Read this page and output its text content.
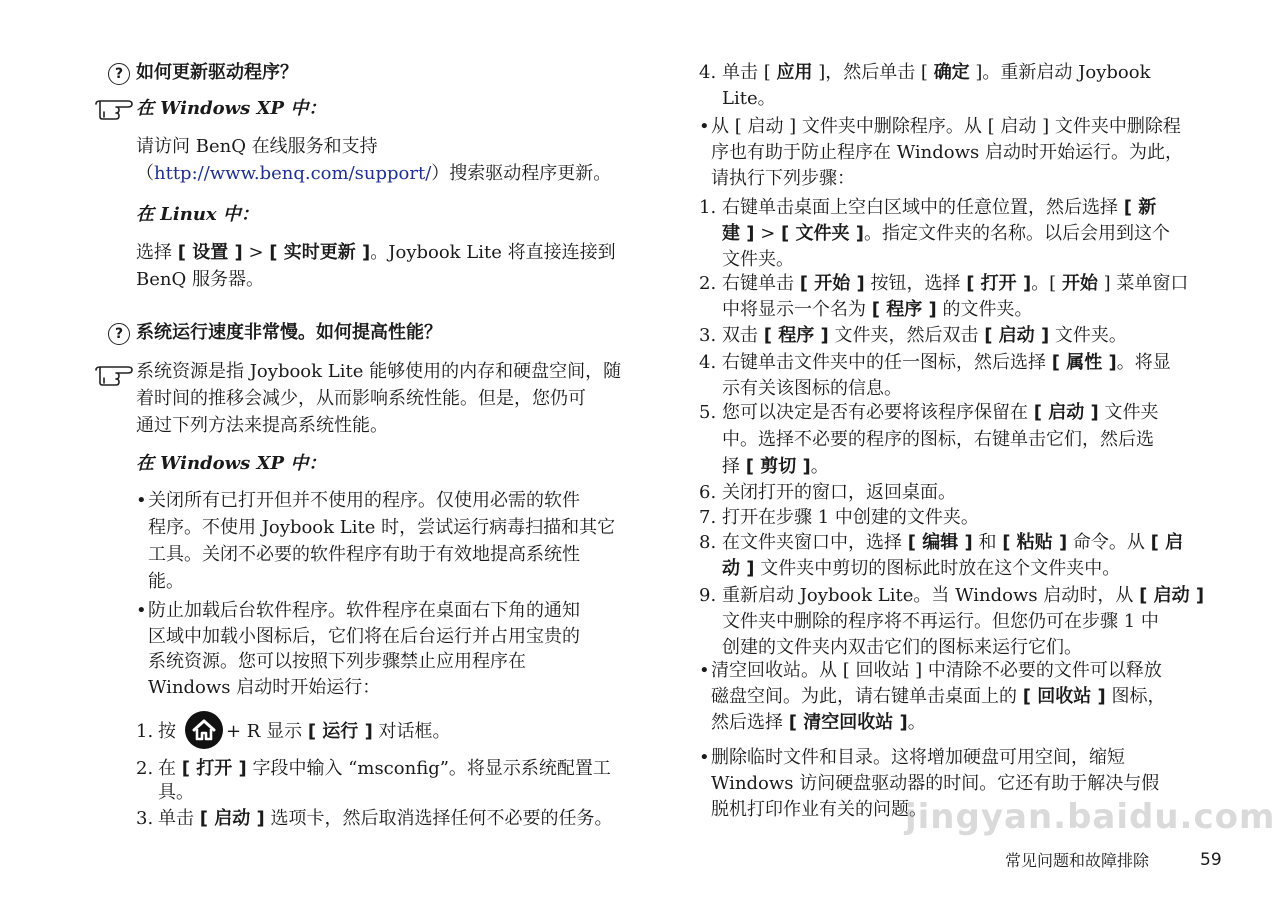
? 如何更新驱动程序？
在 Windows XP 中：
请访问 BenQ 在线服务和支持
（http://www.benq.com/support/）搜索驱动程序更新。
在 Linux 中：
选择 [ 设置 ] > [ 实时更新 ]。Joybook Lite 将直接连接到
BenQ 服务器。
? 系统运行速度非常慢。如何提高性能？
系统资源是指 Joybook Lite 能够使用的内存和硬盘空间，随
着时间的推移会减少，从而影响系统性能。但是，您仍可
通过下列方法来提高系统性能。
在 Windows XP 中：
• 关闭所有已打开但并不使用的程序。仅使用必需的软件
程序。不使用 Joybook Lite 时，尝试运行病毒扫描和其它
工具。关闭不必要的软件程序有助于有效地提高系统性
能。
• 防止加载后台软件程序。软件程序在桌面右下角的通知
区域中加载小图标后，它们将在后台运行并占用宝贵的
系统资源。您可以按照下列步骤禁止应用程序在
Windows 启动时开始运行：
1. 按	+ R 显示 [ 运行 ] 对话框。
2. 在 [ 打开 ] 字段中输入 “msconfig”。将显示系统配置工
具。
3. 单击 [ 启动 ] 选项卡，然后取消选择任何不必要的任务。
4. 单击 [ 应用 ]，然后单击 [ 确定 ]。重新启动 Joybook
Lite。
• 从 [ 启动 ] 文件夹中删除程序。从 [ 启动 ] 文件夹中删除程
序也有助于防止程序在 Windows 启动时开始运行。为此，
请执行下列步骤：
1. 右键单击桌面上空白区域中的任意位置，然后选择 [ 新
建 ] > [ 文件夹 ]。指定文件夹的名称。以后会用到这个
文件夹。
2. 右键单击 [ 开始 ] 按钮，选择 [ 打开 ]。[ 开始 ] 菜单窗口
中将显示一个名为 [ 程序 ] 的文件夹。
3. 双击 [ 程序 ] 文件夹，然后双击 [ 启动 ] 文件夹。
4. 右键单击文件夹中的任一图标，然后选择 [ 属性 ]。将显
示有关该图标的信息。
5. 您可以决定是否有必要将该程序保留在 [ 启动 ] 文件夹
中。选择不必要的程序的图标，右键单击它们，然后选
择 [ 剪切 ]。
6. 关闭打开的窗口，返回桌面。
7. 打开在步骤 1 中创建的文件夹。
8. 在文件夹窗口中，选择 [ 编辑 ] 和 [ 粘贴 ] 命令。从 [ 启
动 ] 文件夹中剪切的图标此时放在这个文件夹中。
9. 重新启动 Joybook Lite。当 Windows 启动时，从 [ 启动 ]
文件夹中删除的程序将不再运行。但您仍可在步骤 1 中
创建的文件夹内双击它们的图标来运行它们。
• 清空回收站。从 [ 回收站 ] 中清除不必要的文件可以释放
磁盘空间。为此，请右键单击桌面上的 [ 回收站 ] 图标，
然后选择 [ 清空回收站 ]。
• 删除临时文件和目录。这将增加硬盘可用空间，缩短
Windows 访问硬盘驱动器的时间。它还有助于解决与假
脱机打印作业有关的问题。
jingyan.baidu.com
常见问题和故障排除	59
